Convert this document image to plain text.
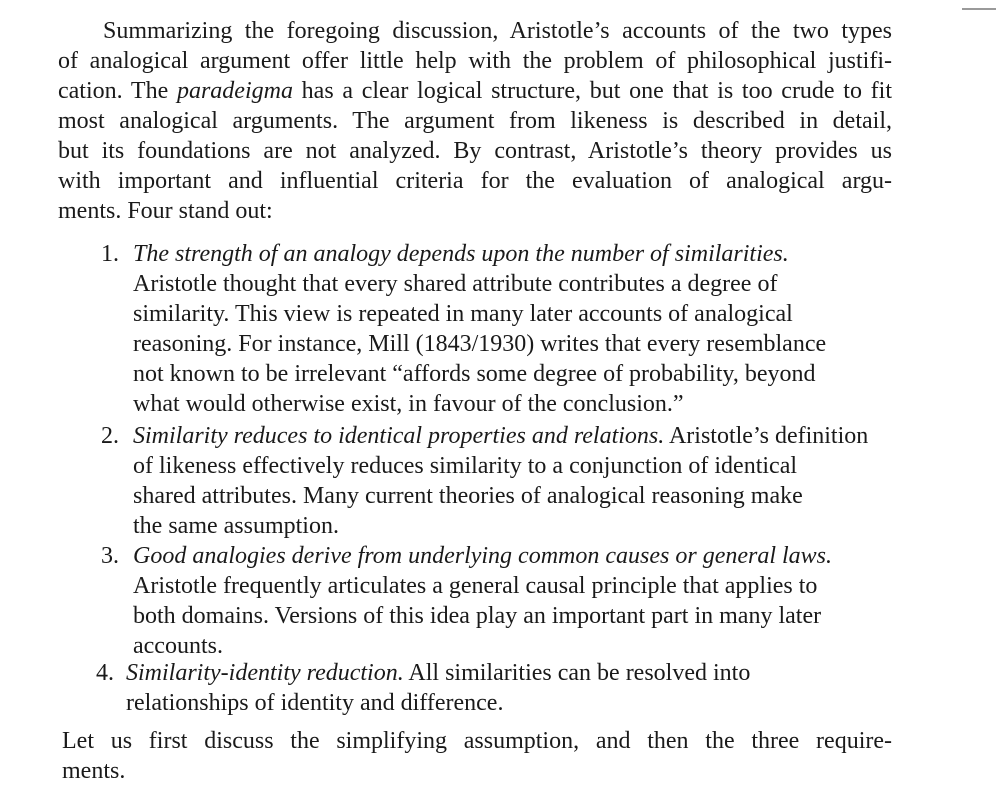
Summarizing the foregoing discussion, Aristotle’s accounts of the two types
of analogical argument offer little help with the problem of philosophical justifi-
cation. The paradeigma has a clear logical structure, but one that is too crude to fit
most analogical arguments. The argument from likeness is described in detail,
but its foundations are not analyzed. By contrast, Aristotle’s theory provides us
with important and influential criteria for the evaluation of analogical argu-
ments. Four stand out:
1. The strength of an analogy depends upon the number of similarities.
Aristotle thought that every shared attribute contributes a degree of
similarity. This view is repeated in many later accounts of analogical
reasoning. For instance, Mill (1843/1930) writes that every resemblance
not known to be irrelevant “affords some degree of probability, beyond
what would otherwise exist, in favour of the conclusion.”
2. Similarity reduces to identical properties and relations. Aristotle’s definition
of likeness effectively reduces similarity to a conjunction of identical
shared attributes. Many current theories of analogical reasoning make
the same assumption.
3. Good analogies derive from underlying common causes or general laws.
Aristotle frequently articulates a general causal principle that applies to
both domains. Versions of this idea play an important part in many later
accounts.
4. Similarity-identity reduction. All similarities can be resolved into
relationships of identity and difference.
Let us first discuss the simplifying assumption, and then the three require-
ments.
